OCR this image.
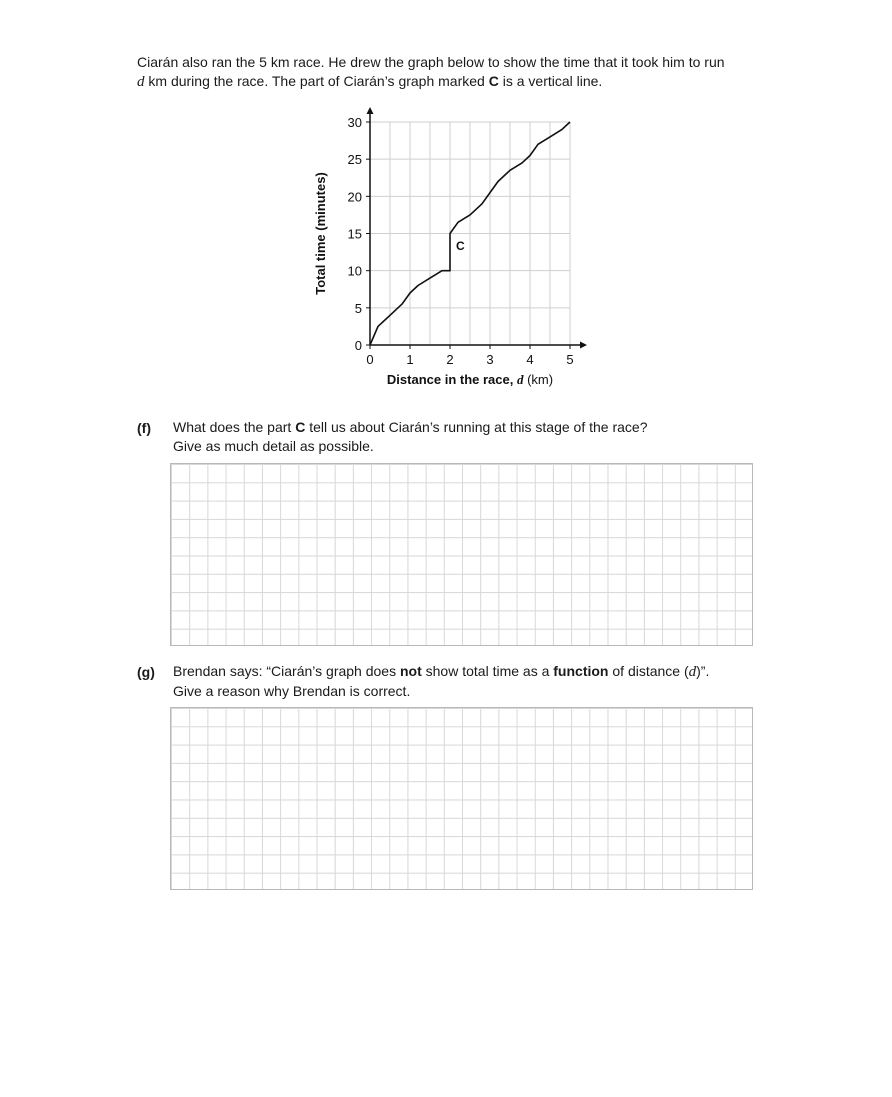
Ciarán also ran the 5 km race. He drew the graph below to show the time that it took him to run

d km during the race. The part of Ciarán’s graph marked C is a vertical line.

0	1	2	3	4	5
0
5
10
15
20
25
30
C
Total time (minutes)
Distance in the race, d (km)
(f) What does the part C tell us about Ciarán’s running at this stage of the race?

Give as much detail as possible.

(g) Brendan says: “Ciarán’s graph does not show total time as a function of distance (d)”.

Give a reason why Brendan is correct.
